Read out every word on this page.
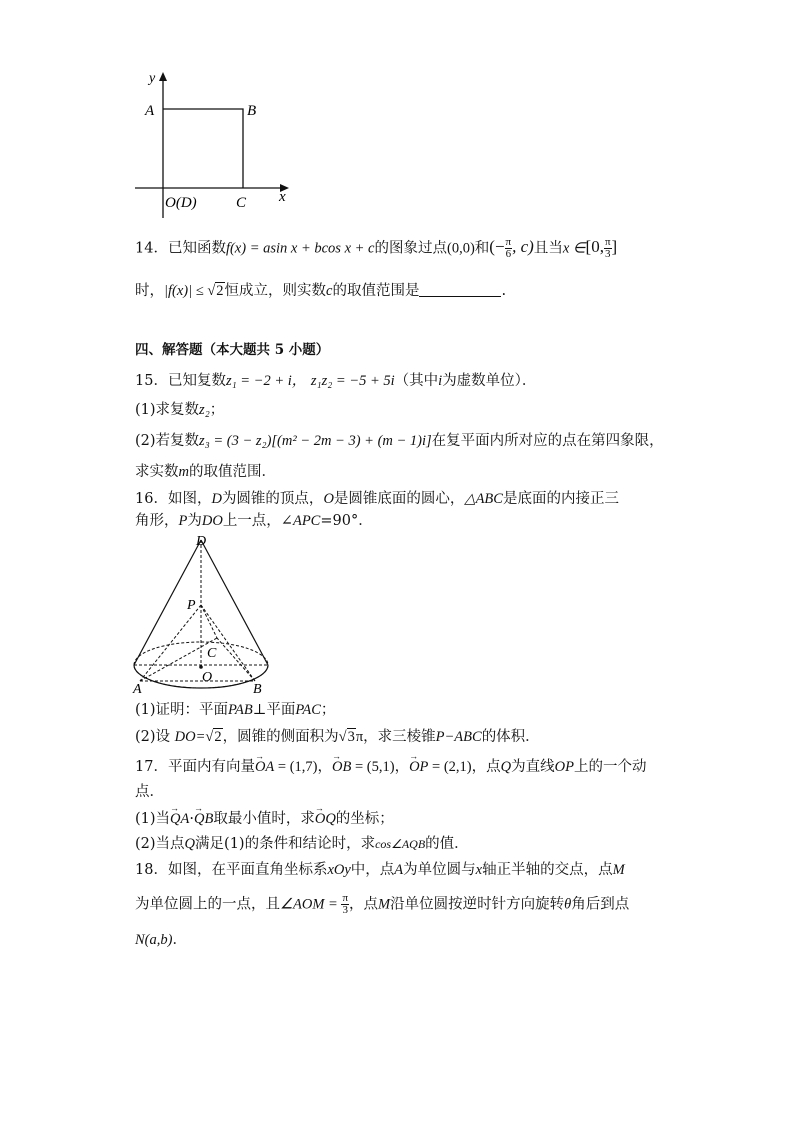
y
x
A	B
O(D)	C
14．已知函数f(x) = asin x + bcos x + c的图象过点(0,0)和(− $\frac{\pi}{6}$ , c)且当x ∈[0, $\frac{\pi}{3}$ ]
时，|f(x)| ≤ √2恒成立，则实数c的取值范围是	.
四、解答题（本大题共 5 小题）
15．已知复数z₁ = −2 + i， z₁z₂ = −5 + 5i（其中i为虚数单位）．
(1)求复数z₂；
(2)若复数z₃ = (3 − z₂)[(m² − 2m − 3) + (m − 1)i]在复平面内所对应的点在第四象限，
求实数m的取值范围．
16．如图，D为圆锥的顶点，O是圆锥底面的圆心，△ABC是底面的内接正三
角形，P为DO上一点，∠APC=90°．
D
P
C
O
A	B
(1)证明：平面PAB⊥平面PAC；
(2)设 DO=√2，圆锥的侧面积为√3π，求三棱锥P−ABC的体积．
17．平面内有向量→ OA = (1,7)，→ OB = (5,1)，→ OP = (2,1)，点Q为直线OP上的一个动
点．
(1)当→ QA·→ QB取最小值时，求→ OQ的坐标；
(2)当点Q满足(1)的条件和结论时，求cos∠AQB的值．
18．如图，在平面直角坐标系xOy中，点A为单位圆与x轴正半轴的交点，点M
为单位圆上的一点，且∠AOM = $\frac{\pi}{3}$ ，点M沿单位圆按逆时针方向旋转θ角后到点
N(a,b)．
